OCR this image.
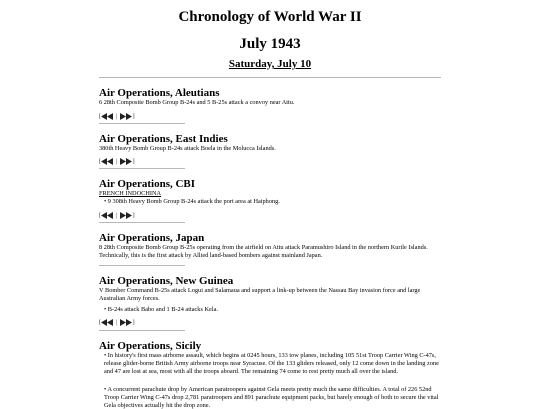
Chronology of World War II
July 1943
Saturday, July 10
Air Operations, Aleutians
6 28th Composite Bomb Group B-24s and 5 B-25s attack a convoy near Attu.
[ | ]
Air Operations, East Indies
380th Heavy Bomb Group B-24s attack Boela in the Molucca Islands.
[ | ]
Air Operations, CBI
FRENCH INDOCHINA
• 9 308th Heavy Bomb Group B-24s attack the port area at Haiphong.
[ | ]
Air Operations, Japan
8 28th Composite Bomb Group B-25s operating from the airfield on Attu attack Paramushiro Island in the northern Kurile Islands. Technically, this is the first attack by Allied land-based bombers against mainland Japan.
Air Operations, New Guinea
V Bomber Command B-25s attack Logui and Salamaua and support a link-up between the Nassau Bay invasion force and large Australian Army forces.
• B-24s attack Babo and 1 B-24 attacks Kela.
[ | ]
Air Operations, Sicily
• In history's first mass airborne assault, which begins at 0245 hours, 133 tow planes, including 105 51st Troop Carrier Wing C-47s, release glider-borne British Army airborne troops near Syracuse. Of the 133 gliders released, only 12 come down in the landing zone and 47 are lost at sea, most with all the troops aboard. The remaining 74 come to rest pretty much all over the island.
• A concurrent parachute drop by American paratroopers against Gela meets pretty much the same difficulties. A total of 226 52nd Troop Carrier Wing C-47s drop 2,781 paratroopers and 891 parachute equipment packs, but barely enough of both to secure the vital Gela objectives actually hit the drop zone.
